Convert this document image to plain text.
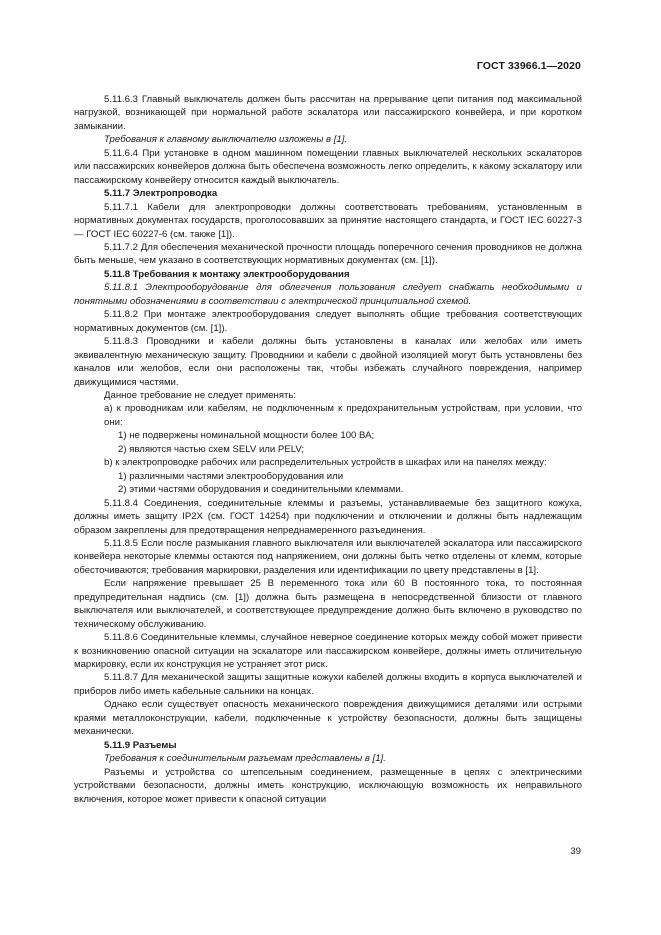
ГОСТ 33966.1—2020

5.11.6.3 Главный выключатель должен быть рассчитан на прерывание цепи питания под максимальной нагрузкой, возникающей при нормальной работе эскалатора или пассажирского конвейера, и при коротком замыкании.

Требования к главному выключателю изложены в [1].

5.11.6.4 При установке в одном машинном помещении главных выключателей нескольких эскалаторов или пассажирских конвейеров должна быть обеспечена возможность легко определить, к какому эскалатору или пассажирскому конвейеру относится каждый выключатель.

5.11.7 Электропроводка

5.11.7.1 Кабели для электропроводки должны соответствовать требованиям, установленным в нормативных документах государств, проголосовавших за принятие настоящего стандарта, и ГОСТ IEC 60227-3 — ГОСТ IEC 60227-6 (см. также [1]).

5.11.7.2 Для обеспечения механической прочности площадь поперечного сечения проводников не должна быть меньше, чем указано в соответствующих нормативных документах (см. [1]).

5.11.8 Требования к монтажу электрооборудования

5.11.8.1 Электрооборудование для облегчения пользования следует снабжать необходимыми и понятными обозначениями в соответствии с электрической принципиальной схемой.

5.11.8.2 При монтаже электрооборудования следует выполнять общие требования соответствующих нормативных документов (см. [1]).

5.11.8.3 Проводники и кабели должны быть установлены в каналах или желобах или иметь эквивалентную механическую защиту. Проводники и кабели с двойной изоляцией могут быть установлены без каналов или желобов, если они расположены так, чтобы избежать случайного повреждения, например движущимися частями.

Данное требование не следует применять:

а) к проводникам или кабелям, не подключенным к предохранительным устройствам, при условии, что они:

1) не подвержены номинальной мощности более 100 ВА;

2) являются частью схем SELV или PELV;

b) к электропроводке рабочих или распределительных устройств в шкафах или на панелях между:

1) различными частями электрооборудования или

2) этими частями оборудования и соединительными клеммами.

5.11.8.4 Соединения, соединительные клеммы и разъемы, устанавливаемые без защитного кожуха, должны иметь защиту IP2X (см. ГОСТ 14254) при подключении и отключении и должны быть надлежащим образом закреплены для предотвращения непреднамеренного разъединения.

5.11.8.5 Если после размыкания главного выключателя или выключателей эскалатора или пассажирского конвейера некоторые клеммы остаются под напряжением, они должны быть четко отделены от клемм, которые обесточиваются; требования маркировки, разделения или идентификации по цвету представлены в [1].

Если напряжение превышает 25 В переменного тока или 60 В постоянного тока, то постоянная предупредительная надпись (см. [1]) должна быть размещена в непосредственной близости от главного выключателя или выключателей, и соответствующее предупреждение должно быть включено в руководство по техническому обслуживанию.

5.11.8.6 Соединительные клеммы, случайное неверное соединение которых между собой может привести к возникновению опасной ситуации на эскалаторе или пассажирском конвейере, должны иметь отличительную маркировку, если их конструкция не устраняет этот риск.

5.11.8.7 Для механической защиты защитные кожухи кабелей должны входить в корпуса выключателей и приборов либо иметь кабельные сальники на концах.

Однако если существует опасность механического повреждения движущимися деталями или острыми краями металлоконструкции, кабели, подключенные к устройству безопасности, должны быть защищены механически.

5.11.9 Разъемы

Требования к соединительным разъемам представлены в [1].

Разъемы и устройства со штепсельным соединением, размещенные в цепях с электрическими устройствами безопасности, должны иметь конструкцию, исключающую возможность их неправильного включения, которое может привести к опасной ситуации

39
